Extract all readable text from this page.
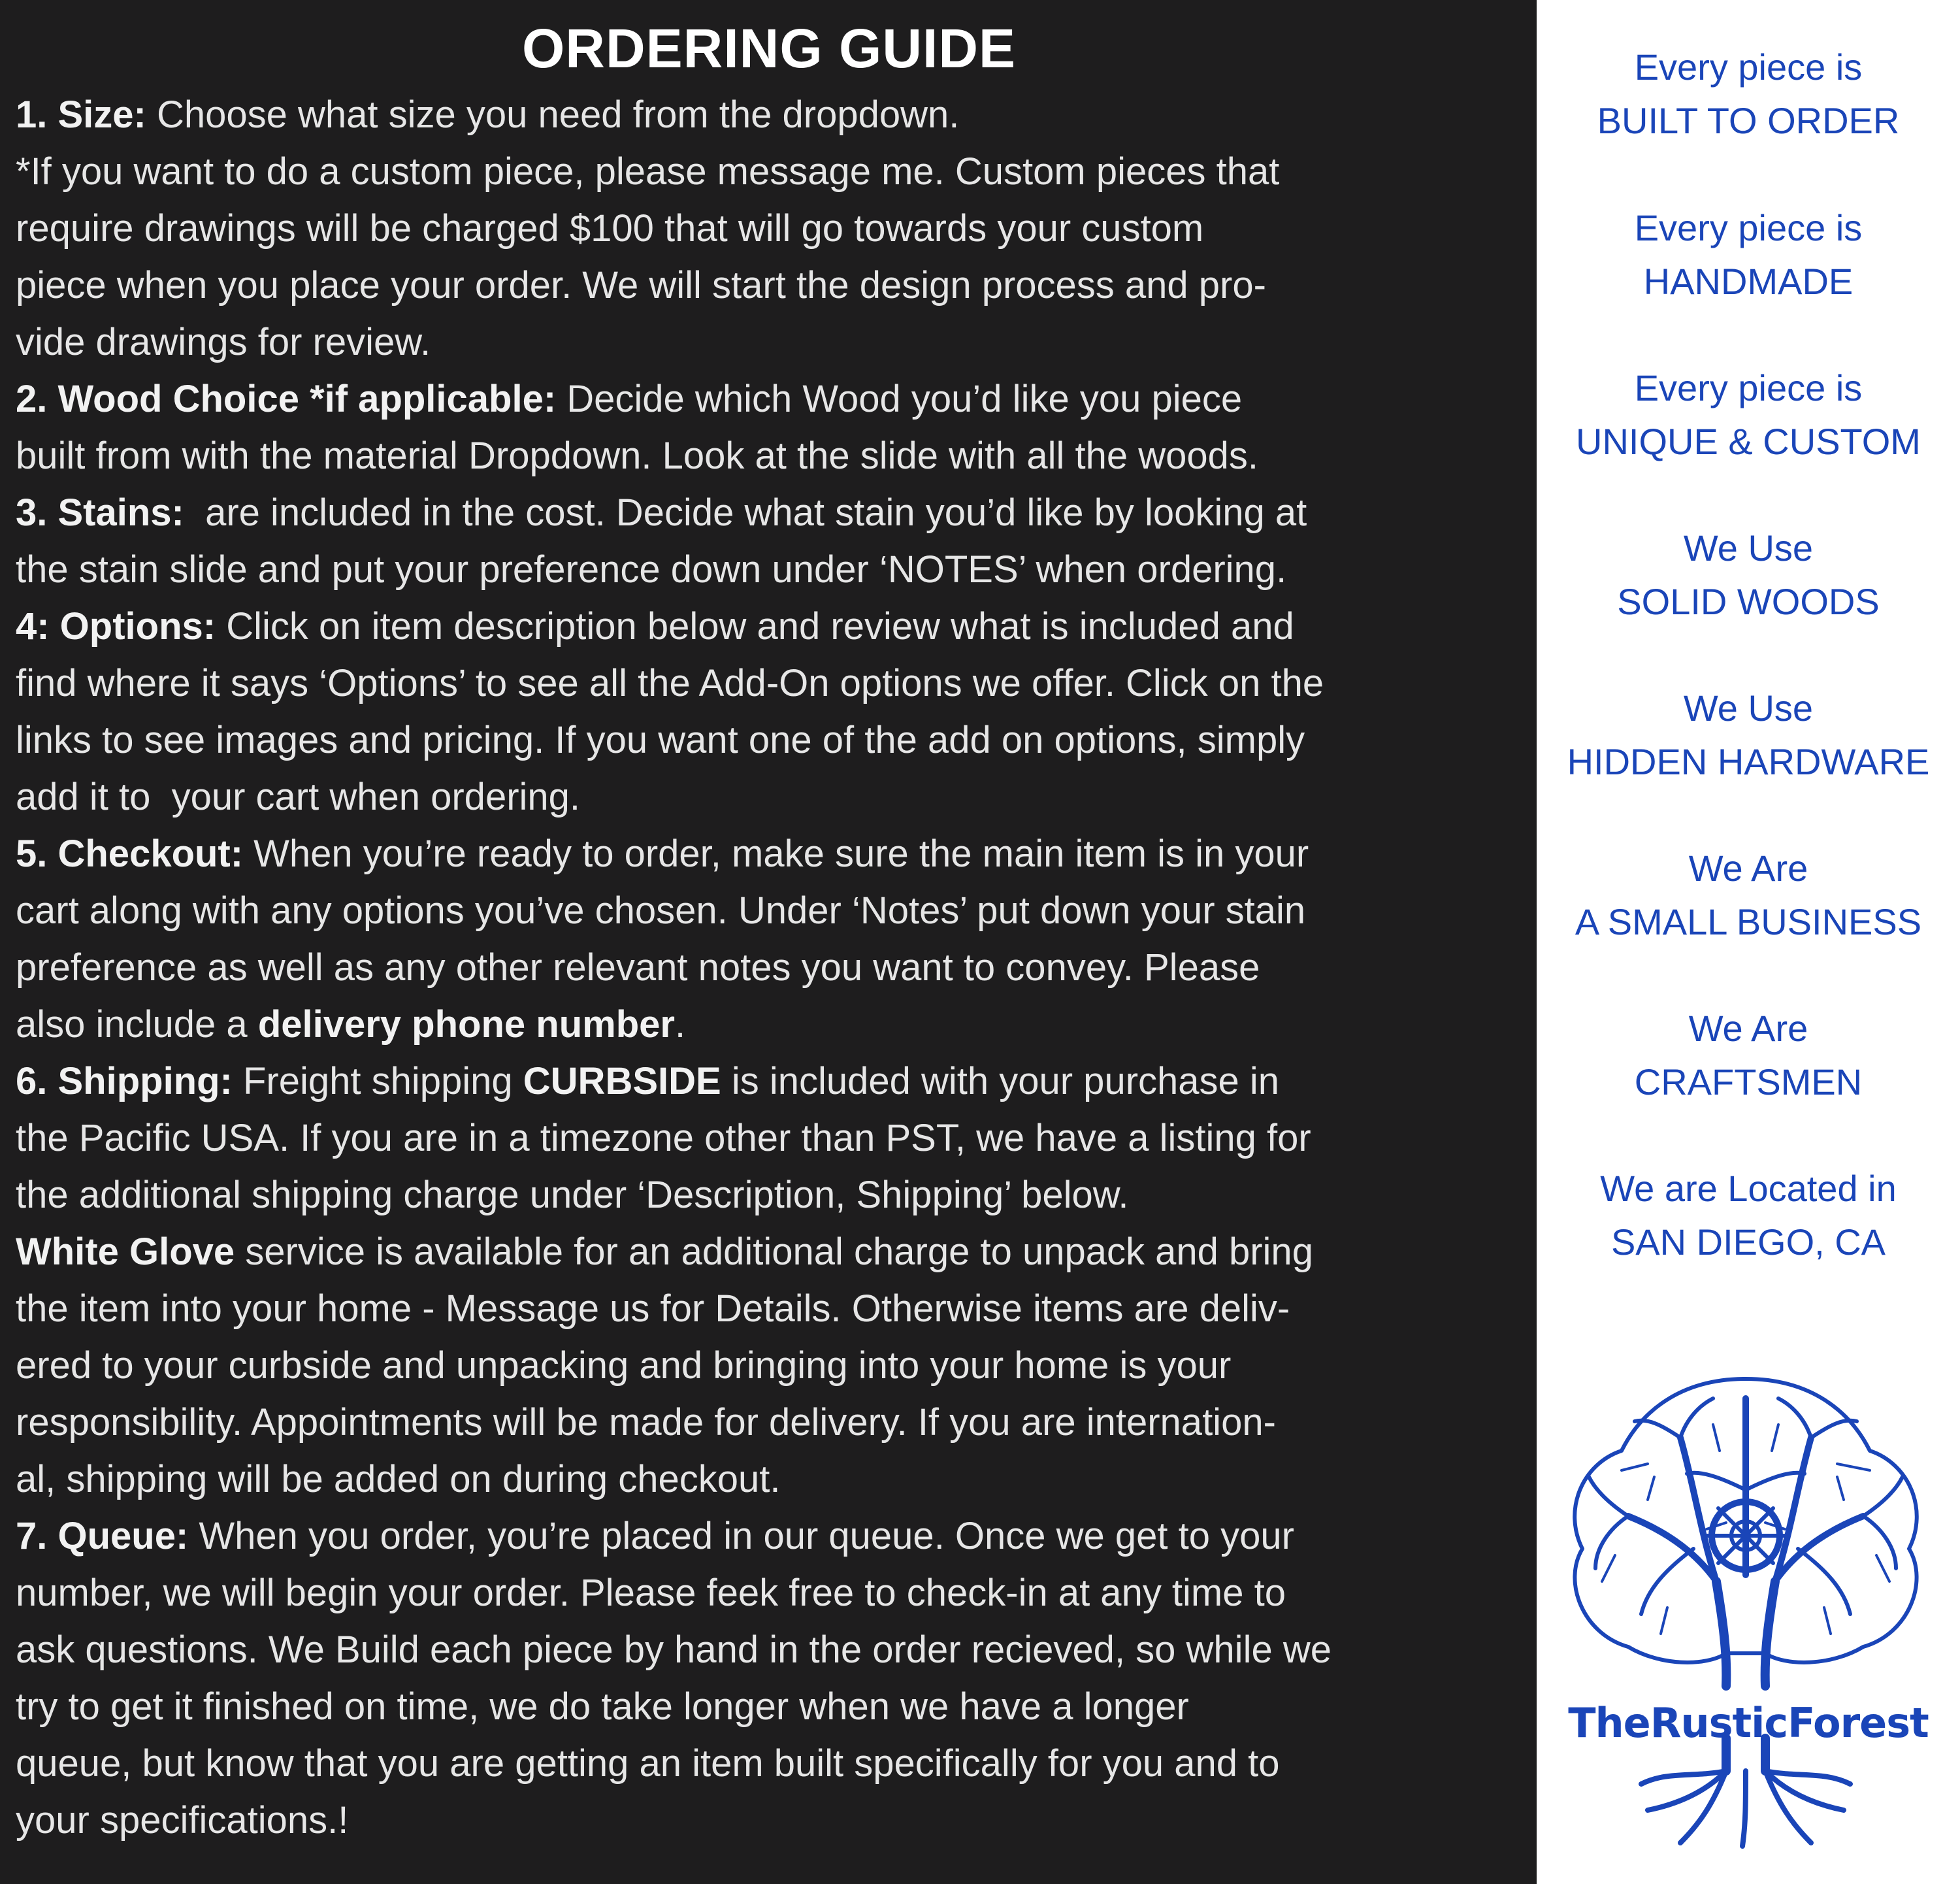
ORDERING GUIDE
1. Size: Choose what size you need from the dropdown.
*If you want to do a custom piece, please message me. Custom pieces that
require drawings will be charged $100 that will go towards your custom
piece when you place your order. We will start the design process and pro-
vide drawings for review.
2. Wood Choice *if applicable: Decide which Wood you’d like you piece
built from with the material Dropdown. Look at the slide with all the woods.
3. Stains:  are included in the cost. Decide what stain you’d like by looking at
the stain slide and put your preference down under ‘NOTES’ when ordering.
4: Options: Click on item description below and review what is included and
find where it says ‘Options’ to see all the Add-On options we offer. Click on the
links to see images and pricing. If you want one of the add on options, simply
add it to  your cart when ordering.
5. Checkout: When you’re ready to order, make sure the main item is in your
cart along with any options you’ve chosen. Under ‘Notes’ put down your stain
preference as well as any other relevant notes you want to convey. Please
also include a delivery phone number.
6. Shipping: Freight shipping CURBSIDE is included with your purchase in
the Pacific USA. If you are in a timezone other than PST, we have a listing for
the additional shipping charge under ‘Description, Shipping’ below.
White Glove service is available for an additional charge to unpack and bring
the item into your home - Message us for Details. Otherwise items are deliv-
ered to your curbside and unpacking and bringing into your home is your
responsibility. Appointments will be made for delivery. If you are internation-
al, shipping will be added on during checkout.
7. Queue: When you order, you’re placed in our queue. Once we get to your
number, we will begin your order. Please feek free to check-in at any time to
ask questions. We Build each piece by hand in the order recieved, so while we
try to get it finished on time, we do take longer when we have a longer
queue, but know that you are getting an item built specifically for you and to
your specifications.!
Every piece is
BUILT TO ORDER
Every piece is
HANDMADE
Every piece is
UNIQUE & CUSTOM
We Use
SOLID WOODS
We Use
HIDDEN HARDWARE
We Are
A SMALL BUSINESS
We Are
CRAFTSMEN
We are Located in
SAN DIEGO, CA
TheRusticForest
